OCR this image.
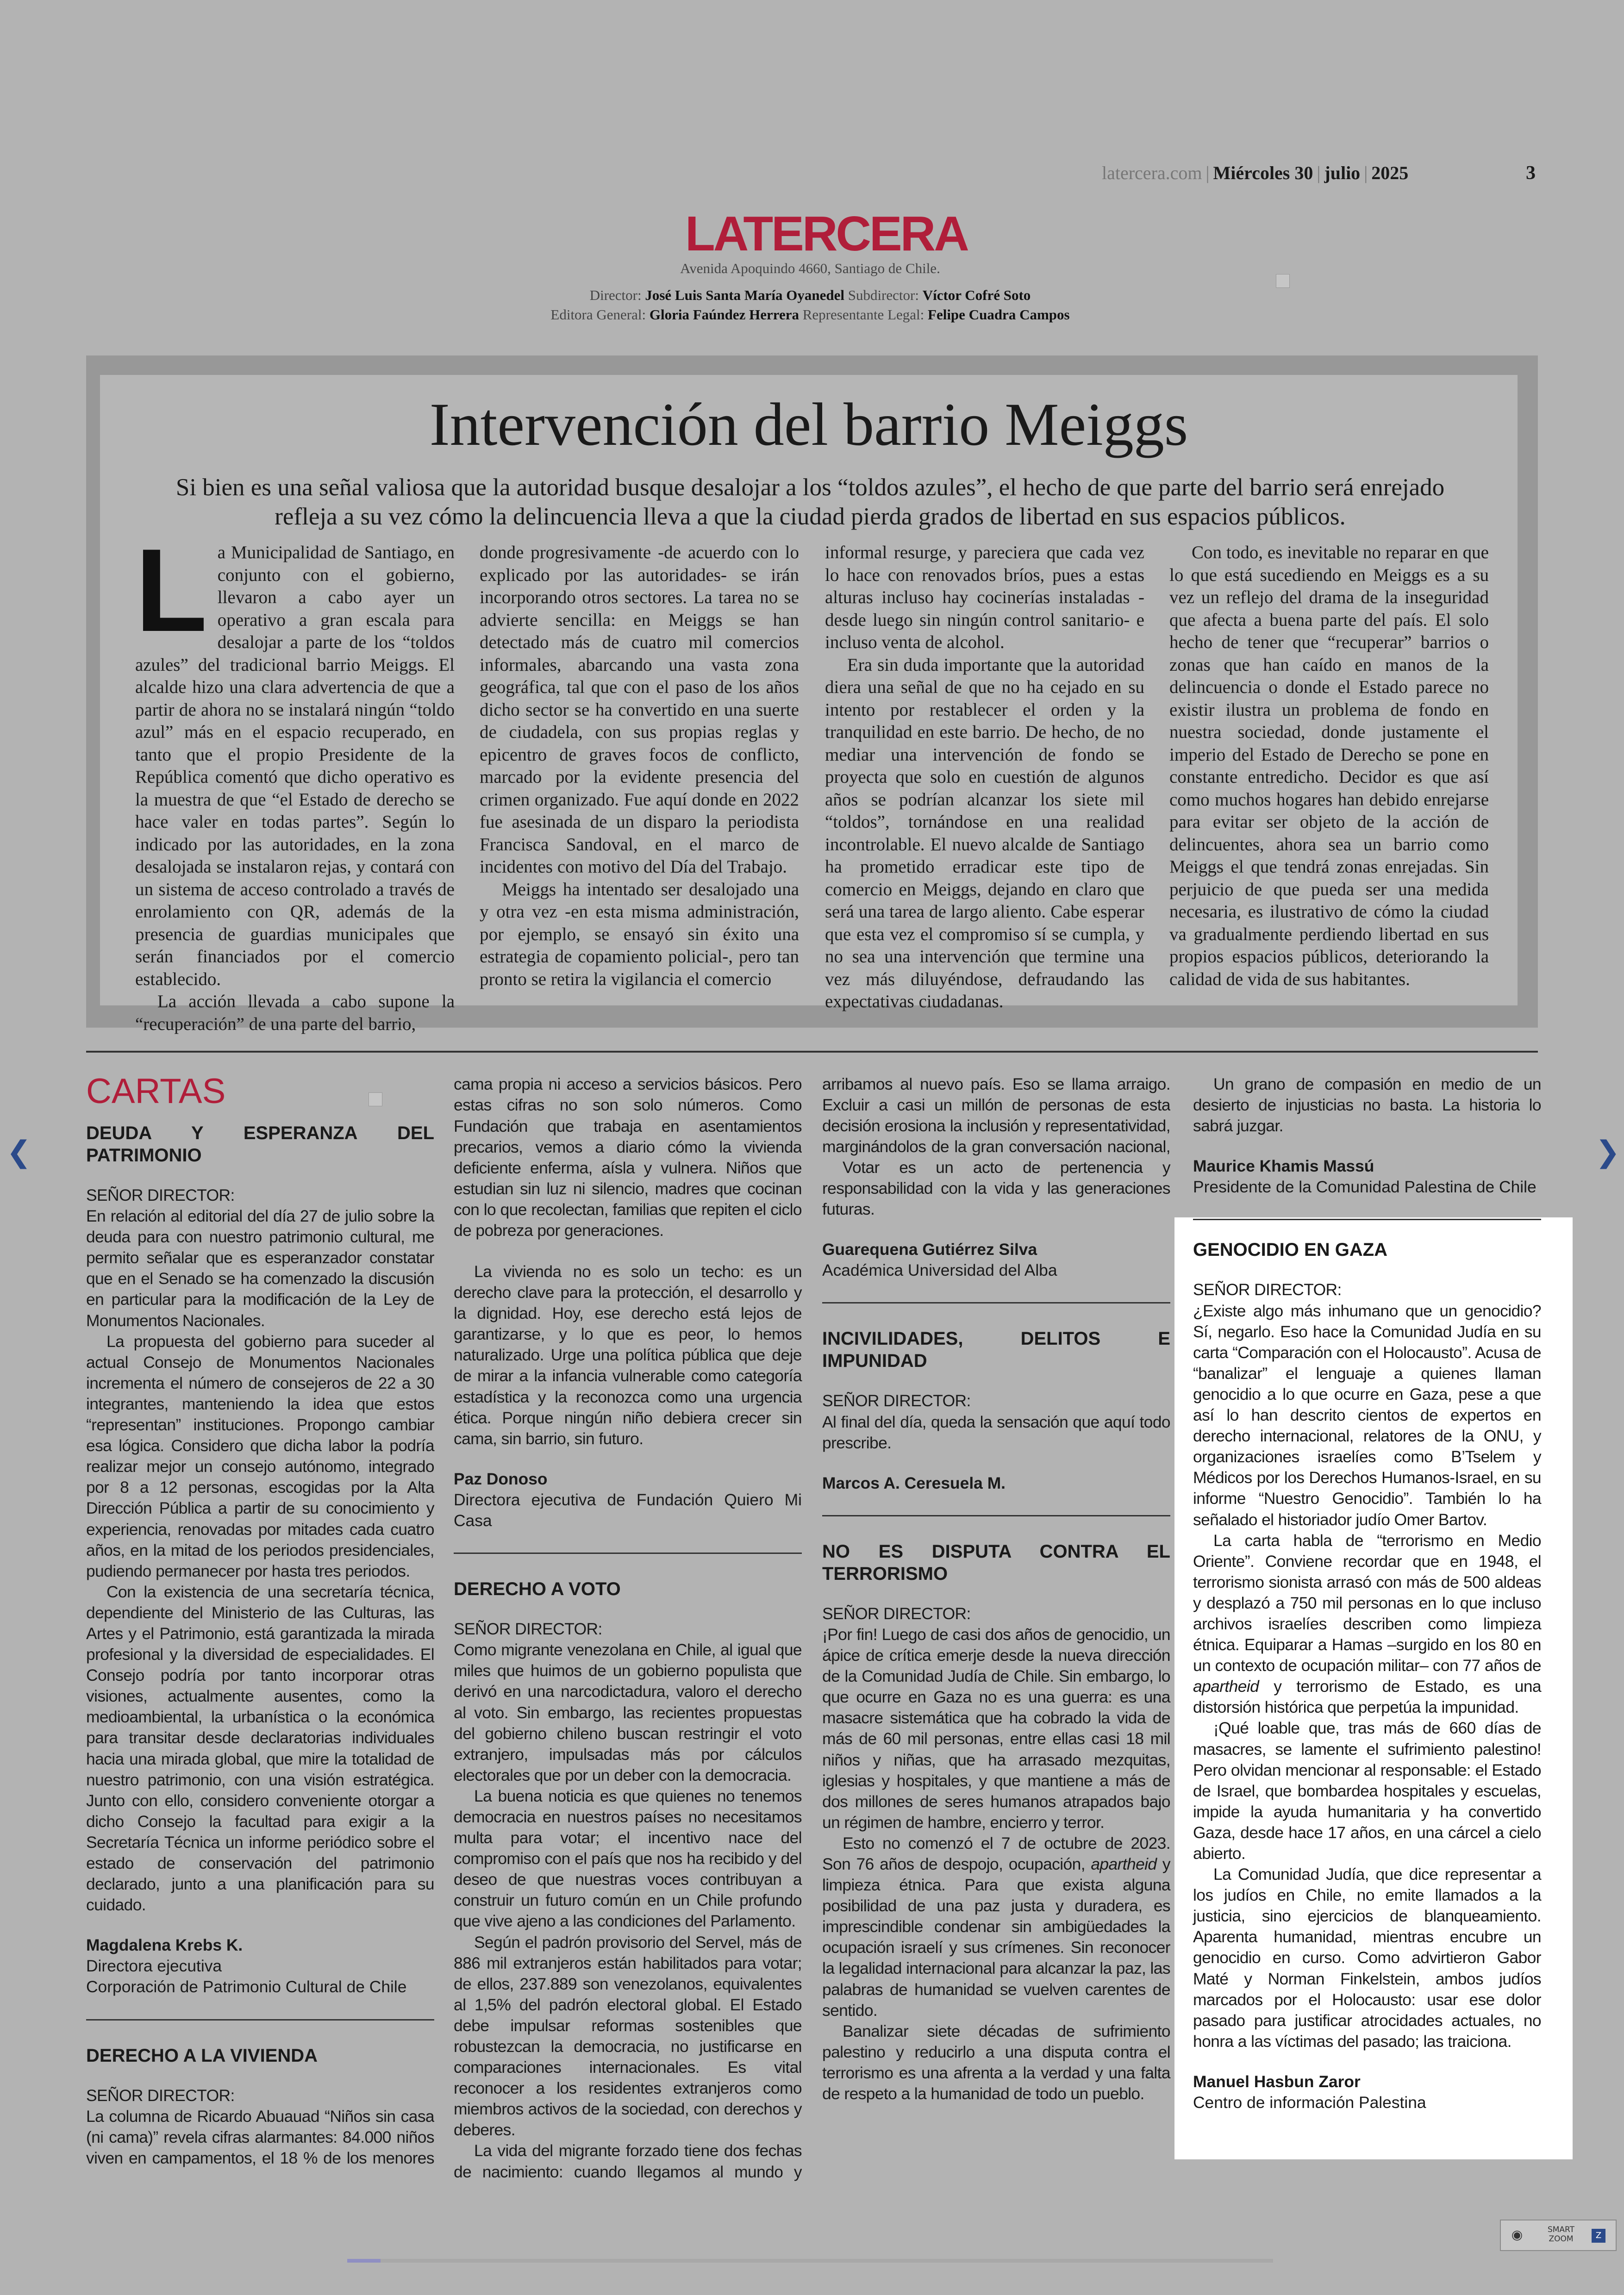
latercera.com | Miércoles 30 | julio | 2025	3
LATERCERA
Avenida Apoquindo 4660, Santiago de Chile.
Director: José Luis Santa María Oyanedel Subdirector: Víctor Cofré Soto
Editora General: Gloria Faúndez Herrera Representante Legal: Felipe Cuadra Campos
Intervención del barrio Meiggs
Si bien es una señal valiosa que la autoridad busque desalojar a los “toldos azules”, el hecho de que parte del barrio será enrejado refleja a su vez cómo la delincuencia lleva a que la ciudad pierda grados de libertad en sus espacios públicos.

La Municipalidad de Santiago, en conjunto con el gobierno, llevaron a cabo ayer un operativo a gran escala para desalojar a parte de los “toldos azules” del tradicional barrio Meiggs. El alcalde hizo una clara advertencia de que a partir de ahora no se instalará ningún “toldo azul” más en el espacio recuperado, en tanto que el propio Presidente de la República comentó que dicho operativo es la muestra de que “el Estado de derecho se hace valer en todas partes”. Según lo indicado por las autoridades, en la zona desalojada se instalaron rejas, y contará con un sistema de acceso controlado a través de enrolamiento con QR, además de la presencia de guardias municipales que serán financiados por el comercio establecido.

La acción llevada a cabo supone la “recuperación” de una parte del barrio,

donde progresivamente -de acuerdo con lo explicado por las autoridades- se irán incorporando otros sectores. La tarea no se advierte sencilla: en Meiggs se han detectado más de cuatro mil comercios informales, abarcando una vasta zona geográfica, tal que con el paso de los años dicho sector se ha convertido en una suerte de ciudadela, con sus propias reglas y epicentro de graves focos de conflicto, marcado por la evidente presencia del crimen organizado. Fue aquí donde en 2022 fue asesinada de un disparo la periodista Francisca Sandoval, en el marco de incidentes con motivo del Día del Trabajo.

Meiggs ha intentado ser desalojado una y otra vez -en esta misma administración, por ejemplo, se ensayó sin éxito una estrategia de copamiento policial-, pero tan pronto se retira la vigilancia el comercio

informal resurge, y pareciera que cada vez lo hace con renovados bríos, pues a estas alturas incluso hay cocinerías instaladas -desde luego sin ningún control sanitario- e incluso venta de alcohol.

Era sin duda importante que la autoridad diera una señal de que no ha cejado en su intento por restablecer el orden y la tranquilidad en este barrio. De hecho, de no mediar una intervención de fondo se proyecta que solo en cuestión de algunos años se podrían alcanzar los siete mil “toldos”, tornándose en una realidad incontrolable. El nuevo alcalde de Santiago ha prometido erradicar este tipo de comercio en Meiggs, dejando en claro que será una tarea de largo aliento. Cabe esperar que esta vez el compromiso sí se cumpla, y no sea una intervención que termine una vez más diluyéndose, defraudando las expectativas ciudadanas.

Con todo, es inevitable no reparar en que lo que está sucediendo en Meiggs es a su vez un reflejo del drama de la inseguridad que afecta a buena parte del país. El solo hecho de tener que “recuperar” barrios o zonas que han caído en manos de la delincuencia o donde el Estado parece no existir ilustra un problema de fondo en nuestra sociedad, donde justamente el imperio del Estado de Derecho se pone en constante entredicho. Decidor es que así como muchos hogares han debido enrejarse para evitar ser objeto de la acción de delincuentes, ahora sea un barrio como Meiggs el que tendrá zonas enrejadas. Sin perjuicio de que pueda ser una medida necesaria, es ilustrativo de cómo la ciudad va gradualmente perdiendo libertad en sus propios espacios públicos, deteriorando la calidad de vida de sus habitantes.

CARTAS

DEUDA Y ESPERANZA DEL PATRIMONIO

SEÑOR DIRECTOR:

En relación al editorial del día 27 de julio sobre la deuda para con nuestro patrimonio cultural, me permito señalar que es esperanzador constatar que en el Senado se ha comenzado la discusión en particular para la modificación de la Ley de Monumentos Nacionales.

La propuesta del gobierno para suceder al actual Consejo de Monumentos Nacionales incrementa el número de consejeros de 22 a 30 integrantes, manteniendo la idea que estos “representan” instituciones. Propongo cambiar esa lógica. Considero que dicha labor la podría realizar mejor un consejo autónomo, integrado por 8 a 12 personas, escogidas por la Alta Dirección Pública a partir de su conocimiento y experiencia, renovadas por mitades cada cuatro años, en la mitad de los periodos presidenciales, pudiendo permanecer por hasta tres periodos.

Con la existencia de una secretaría técnica, dependiente del Ministerio de las Culturas, las Artes y el Patrimonio, está garantizada la mirada profesional y la diversidad de especialidades. El Consejo podría por tanto incorporar otras visiones, actualmente ausentes, como la medioambiental, la urbanística o la económica para transitar desde declaratorias individuales hacia una mirada global, que mire la totalidad de nuestro patrimonio, con una visión estratégica. Junto con ello, considero conveniente otorgar a dicho Consejo la facultad para exigir a la Secretaría Técnica un informe periódico sobre el estado de conservación del patrimonio declarado, junto a una planificación para su cuidado.

Magdalena Krebs K.

Directora ejecutiva

Corporación de Patrimonio Cultural de Chile

DERECHO A LA VIVIENDA

SEÑOR DIRECTOR:

La columna de Ricardo Abuauad “Niños sin casa (ni cama)” revela cifras alarmantes: 84.000 niños viven en campamentos, el 18 % de los menores

cama propia ni acceso a servicios básicos. Pero estas cifras no son solo números. Como Fundación que trabaja en asentamientos precarios, vemos a diario cómo la vivienda deficiente enferma, aísla y vulnera. Niños que estudian sin luz ni silencio, madres que cocinan con lo que recolectan, familias que repiten el ciclo de pobreza por generaciones.

La vivienda no es solo un techo: es un derecho clave para la protección, el desarrollo y la dignidad. Hoy, ese derecho está lejos de garantizarse, y lo que es peor, lo hemos naturalizado. Urge una política pública que deje de mirar a la infancia vulnerable como categoría estadística y la reconozca como una urgencia ética. Porque ningún niño debiera crecer sin cama, sin barrio, sin futuro.

Paz Donoso

Directora ejecutiva de Fundación Quiero Mi Casa

DERECHO A VOTO

SEÑOR DIRECTOR:

Como migrante venezolana en Chile, al igual que miles que huimos de un gobierno populista que derivó en una narcodictadura, valoro el derecho al voto. Sin embargo, las recientes propuestas del gobierno chileno buscan restringir el voto extranjero, impulsadas más por cálculos electorales que por un deber con la democracia.

La buena noticia es que quienes no tenemos democracia en nuestros países no necesitamos multa para votar; el incentivo nace del compromiso con el país que nos ha recibido y del deseo de que nuestras voces contribuyan a construir un futuro común en un Chile profundo que vive ajeno a las condiciones del Parlamento.

Según el padrón provisorio del Servel, más de 886 mil extranjeros están habilitados para votar; de ellos, 237.889 son venezolanos, equivalentes al 1,5% del padrón electoral global. El Estado debe impulsar reformas sostenibles que robustezcan la democracia, no justificarse en comparaciones internacionales. Es vital reconocer a los residentes extranjeros como miembros activos de la sociedad, con derechos y deberes.

La vida del migrante forzado tiene dos fechas de nacimiento: cuando llegamos al mundo y

arribamos al nuevo país. Eso se llama arraigo. Excluir a casi un millón de personas de esta decisión erosiona la inclusión y representatividad, marginándolos de la gran conversación nacional,

Votar es un acto de pertenencia y responsabilidad con la vida y las generaciones futuras.

Guarequena Gutiérrez Silva

Académica Universidad del Alba

INCIVILIDADES, DELITOS E IMPUNIDAD

SEÑOR DIRECTOR:

Al final del día, queda la sensación que aquí todo prescribe.

Marcos A. Ceresuela M.

NO ES DISPUTA CONTRA EL TERRORISMO

SEÑOR DIRECTOR:

¡Por fin! Luego de casi dos años de genocidio, un ápice de crítica emerje desde la nueva dirección de la Comunidad Judía de Chile. Sin embargo, lo que ocurre en Gaza no es una guerra: es una masacre sistemática que ha cobrado la vida de más de 60 mil personas, entre ellas casi 18 mil niños y niñas, que ha arrasado mezquitas, iglesias y hospitales, y que mantiene a más de dos millones de seres humanos atrapados bajo un régimen de hambre, encierro y terror.

Esto no comenzó el 7 de octubre de 2023. Son 76 años de despojo, ocupación, apartheid y limpieza étnica. Para que exista alguna posibilidad de una paz justa y duradera, es imprescindible condenar sin ambigüedades la ocupación israelí y sus crímenes. Sin reconocer la legalidad internacional para alcanzar la paz, las palabras de humanidad se vuelven carentes de sentido.

Banalizar siete décadas de sufrimiento palestino y reducirlo a una disputa contra el terrorismo es una afrenta a la verdad y una falta de respeto a la humanidad de todo un pueblo.

Un grano de compasión en medio de un desierto de injusticias no basta. La historia lo sabrá juzgar.

Maurice Khamis Massú

Presidente de la Comunidad Palestina de Chile

GENOCIDIO EN GAZA

SEÑOR DIRECTOR:

¿Existe algo más inhumano que un genocidio? Sí, negarlo. Eso hace la Comunidad Judía en su carta “Comparación con el Holocausto”. Acusa de “banalizar” el lenguaje a quienes llaman genocidio a lo que ocurre en Gaza, pese a que así lo han descrito cientos de expertos en derecho internacional, relatores de la ONU, y organizaciones israelíes como B’Tselem y Médicos por los Derechos Humanos-Israel, en su informe “Nuestro Genocidio”. También lo ha señalado el historiador judío Omer Bartov.

La carta habla de “terrorismo en Medio Oriente”. Conviene recordar que en 1948, el terrorismo sionista arrasó con más de 500 aldeas y desplazó a 750 mil personas en lo que incluso archivos israelíes describen como limpieza étnica. Equiparar a Hamas –surgido en los 80 en un contexto de ocupación militar– con 77 años de apartheid y terrorismo de Estado, es una distorsión histórica que perpetúa la impunidad.

¡Qué loable que, tras más de 660 días de masacres, se lamente el sufrimiento palestino! Pero olvidan mencionar al responsable: el Estado de Israel, que bombardea hospitales y escuelas, impide la ayuda humanitaria y ha convertido Gaza, desde hace 17 años, en una cárcel a cielo abierto.

La Comunidad Judía, que dice representar a los judíos en Chile, no emite llamados a la justicia, sino ejercicios de blanqueamiento. Aparenta humanidad, mientras encubre un genocidio en curso. Como advirtieron Gabor Maté y Norman Finkelstein, ambos judíos marcados por el Holocausto: usar ese dolor pasado para justificar atrocidades actuales, no honra a las víctimas del pasado; las traiciona.

Manuel Hasbun Zaror

Centro de información Palestina

❮	❯
◉	SMART
ZOOM	Z
